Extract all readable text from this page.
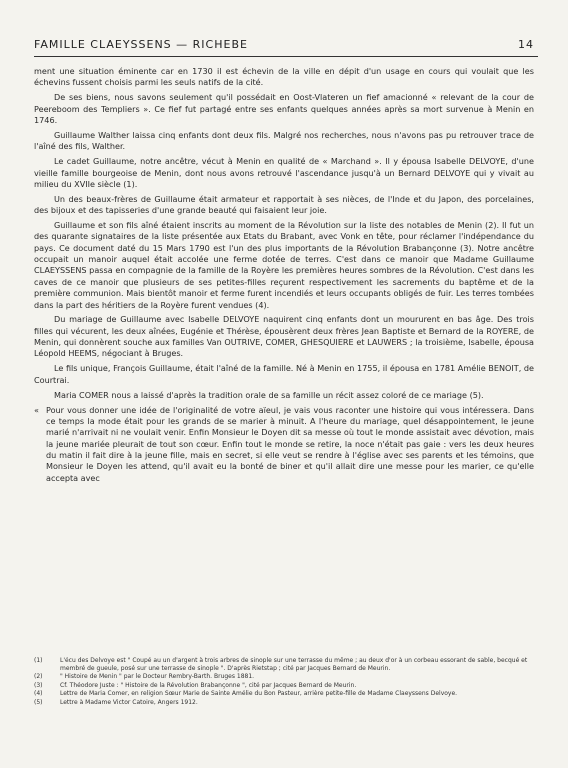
FAMILLE CLAEYSSENS — RICHEBE	14

ment une situation éminente car en 1730 il est échevin de la ville en dépit d'un usage en cours qui voulait que les échevins fussent choisis parmi les seuls natifs de la cité.

De ses biens, nous savons seulement qu'il possédait en Oost-Vlateren un fief amacionné « relevant de la cour de Peereboom des Templiers ». Ce fief fut partagé entre ses enfants quelques années après sa mort survenue à Menin en 1746.

Guillaume Walther laissa cinq enfants dont deux fils. Malgré nos recherches, nous n'avons pas pu retrouver trace de l'aîné des fils, Walther.

Le cadet Guillaume, notre ancêtre, vécut à Menin en qualité de « Marchand ». Il y épousa Isabelle DELVOYE, d'une vieille famille bourgeoise de Menin, dont nous avons retrouvé l'ascendance jusqu'à un Bernard DELVOYE qui y vivait au milieu du XVIIe siècle (1).

Un des beaux-frères de Guillaume était armateur et rapportait à ses nièces, de l'Inde et du Japon, des porcelaines, des bijoux et des tapisseries d'une grande beauté qui faisaient leur joie.

Guillaume et son fils aîné étaient inscrits au moment de la Révolution sur la liste des notables de Menin (2). Il fut un des quarante signataires de la liste présentée aux Etats du Brabant, avec Vonk en tête, pour réclamer l'indépendance du pays. Ce document daté du 15 Mars 1790 est l'un des plus importants de la Révolution Brabançonne (3). Notre ancêtre occupait un manoir auquel était accolée une ferme dotée de terres. C'est dans ce manoir que Madame Guillaume CLAEYSSENS passa en compagnie de la famille de la Royère les premières heures sombres de la Révolution. C'est dans les caves de ce manoir que plusieurs de ses petites-filles reçurent respectivement les sacrements du baptême et de la première communion. Mais bientôt manoir et ferme furent incendiés et leurs occupants obligés de fuir. Les terres tombées dans la part des héritiers de la Royère furent vendues (4).

Du mariage de Guillaume avec Isabelle DELVOYE naquirent cinq enfants dont un moururent en bas âge. Des trois filles qui vécurent, les deux aînées, Eugénie et Thérèse, épousèrent deux frères Jean Baptiste et Bernard de la ROYERE, de Menin, qui donnèrent souche aux familles Van OUTRIVE, COMER, GHESQUIERE et LAUWERS ; la troisième, Isabelle, épousa Léopold HEEMS, négociant à Bruges.

Le fils unique, François Guillaume, était l'aîné de la famille. Né à Menin en 1755, il épousa en 1781 Amélie BENOIT, de Courtrai.

Maria COMER nous a laissé d'après la tradition orale de sa famille un récit assez coloré de ce mariage (5).

« Pour vous donner une idée de l'originalité de votre aïeul, je vais vous raconter une histoire qui vous intéressera. Dans ce temps la mode était pour les grands de se marier à minuit. A l'heure du mariage, quel désappointement, le jeune marié n'arrivait ni ne voulait venir. Enfin Monsieur le Doyen dit sa messe où tout le monde assistait avec dévotion, mais la jeune mariée pleurait de tout son cœur. Enfin tout le monde se retire, la noce n'était pas gaie : vers les deux heures du matin il fait dire à la jeune fille, mais en secret, si elle veut se rendre à l'église avec ses parents et les témoins, que Monsieur le Doyen les attend, qu'il avait eu la bonté de biner et qu'il allait dire une messe pour les marier, ce qu'elle accepta avec

(1)	L'écu des Delvoye est " Coupé au un d'argent à trois arbres de sinople sur une terrasse du même ; au deux d'or à un corbeau essorant de sable, becqué et membré de gueule, posé sur une terrasse de sinople ". D'après Rietstap ; cité par Jacques Bernard de Meurin.
(2)	" Histoire de Menin " par le Docteur Rembry-Barth. Bruges 1881.
(3)	Cf. Théodore Juste : " Histoire de la Révolution Brabançonne ", cité par Jacques Bernard de Meurin.
(4)	Lettre de Maria Comer, en religion Sœur Marie de Sainte Amélie du Bon Pasteur, arrière petite-fille de Madame Claeyssens Delvoye.
(5)	Lettre à Madame Victor Catoire, Angers 1912.
